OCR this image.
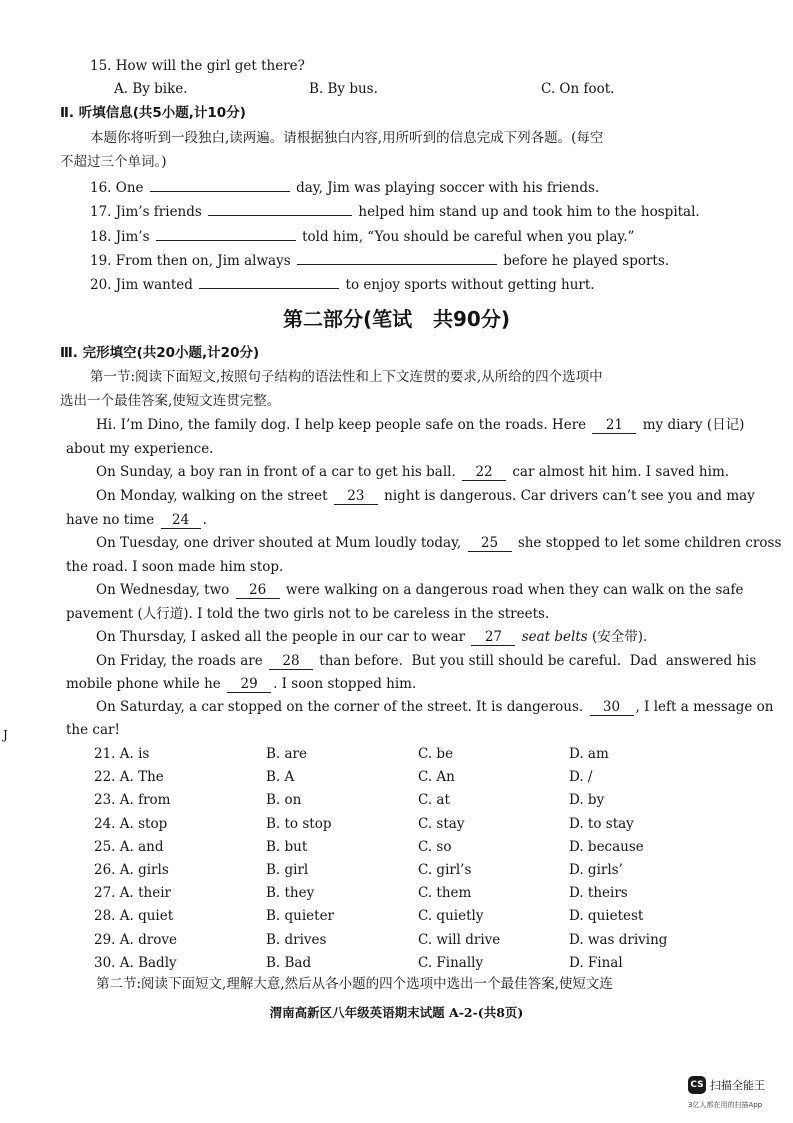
15. How will the girl get there?
A. By bike.	B. By bus.	C. On foot.
Ⅱ. 听填信息(共5小题,计10分)
本题你将听到一段独白,读两遍。请根据独白内容,用所听到的信息完成下列各题。(每空
不超过三个单词。)
16. One	day, Jim was playing soccer with his friends.
17. Jim’s friends	helped him stand up and took him to the hospital.
18. Jim’s	told him, “You should be careful when you play.”
19. From then on, Jim always	before he played sports.
20. Jim wanted	to enjoy sports without getting hurt.
第二部分(笔试   共90分)
Ⅲ. 完形填空(共20小题,计20分)
第一节:阅读下面短文,按照句子结构的语法性和上下文连贯的要求,从所给的四个选项中
选出一个最佳答案,使短文连贯完整。
Hi. I’m Dino, the family dog. I help keep people safe on the roads. Here 21 my diary (日记)
about my experience.
On Sunday, a boy ran in front of a car to get his ball. 22 car almost hit him. I saved him.
On Monday, walking on the street 23 night is dangerous. Car drivers can’t see you and may
have no time 24 .
On Tuesday, one driver shouted at Mum loudly today, 25 she stopped to let some children cross
the road. I soon made him stop.
On Wednesday, two 26 were walking on a dangerous road when they can walk on the safe
pavement (人行道). I told the two girls not to be careless in the streets.
On Thursday, I asked all the people in our car to wear 27 seat belts (安全带).
On Friday, the roads are 28 than before.  But you still should be careful.  Dad  answered his
mobile phone while he 29 . I soon stopped him.
On Saturday, a car stopped on the corner of the street. It is dangerous. 30 , I left a message on
the car!
J
21. A. is	B. are	C. be	D. am
22. A. The	B. A	C. An	D. /
23. A. from	B. on	C. at	D. by
24. A. stop	B. to stop	C. stay	D. to stay
25. A. and	B. but	C. so	D. because
26. A. girls	B. girl	C. girl’s	D. girls’
27. A. their	B. they	C. them	D. theirs
28. A. quiet	B. quieter	C. quietly	D. quietest
29. A. drove	B. drives	C. will drive	D. was driving
30. A. Badly	B. Bad	C. Finally	D. Final
第二节:阅读下面短文,理解大意,然后从各小题的四个选项中选出一个最佳答案,使短文连
渭南高新区八年级英语期末试题 A-2-(共8页)
CS 扫描全能王
3亿人都在用的扫描App
